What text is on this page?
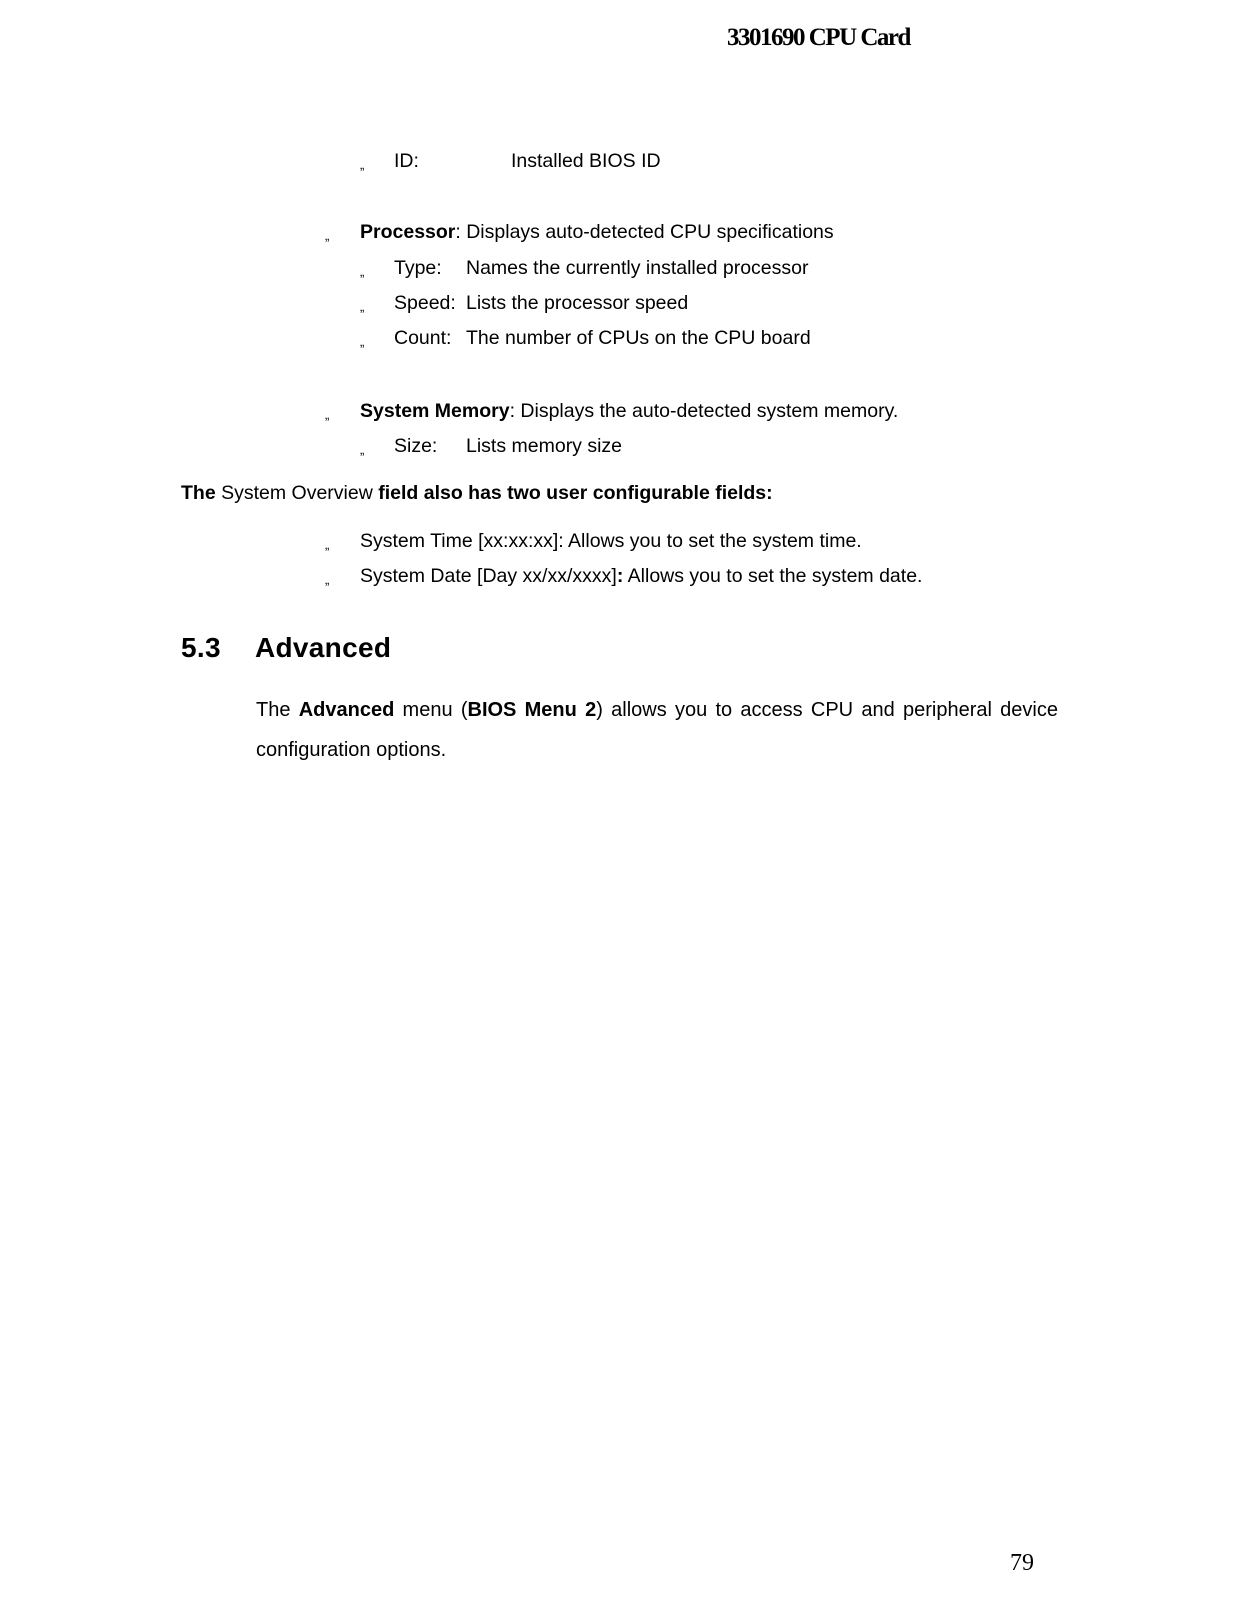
3301690 CPU Card
„ ID:	Installed BIOS ID
„ Processor: Displays auto-detected CPU specifications
„ Type: Names the currently installed processor
„ Speed: Lists the processor speed
„ Count: The number of CPUs on the CPU board
„ System Memory: Displays the auto-detected system memory.
„ Size: Lists memory size
The System Overview field also has two user configurable fields:
„ System Time [xx:xx:xx]: Allows you to set the system time.
„ System Date [Day xx/xx/xxxx]: Allows you to set the system date.
5.3 Advanced
The Advanced menu (BIOS Menu 2) allows you to access CPU and peripheral device configuration options.
79
